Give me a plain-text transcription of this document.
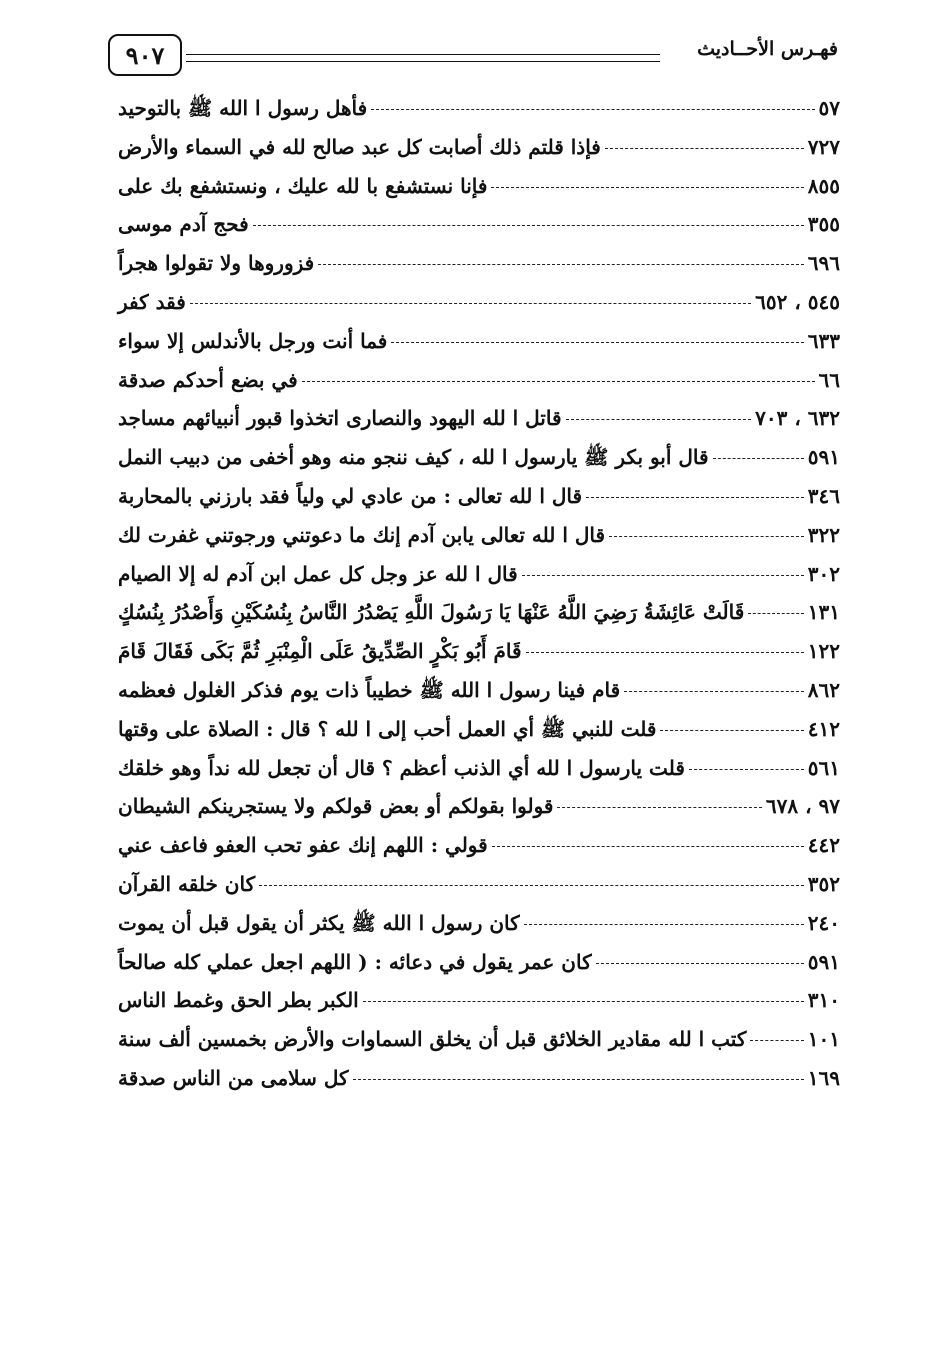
٩٠٧	فهـرس الأحــاديث
فأهل رسول ا الله ﷺ بالتوحيد	٥٧
فإذا قلتم ذلك أصابت كل عبد صالح لله في السماء والأرض	٧٢٧
فإنا نستشفع با لله عليك ، ونستشفع بك على	٨٥٥
فحج آدم موسى	٣٥٥
فزوروها ولا تقولوا هجراً	٦٩٦
فقد كفر	٥٤٥ ، ٦٥٢
فما أنت ورجل بالأندلس إلا سواء	٦٣٣
في بضع أحدكم صدقة	٦٦
قاتل ا لله اليهود والنصارى اتخذوا قبور أنبيائهم مساجد	٦٣٢ ، ٧٠٣
قال أبو بكر ﷺ يارسول ا لله ، كيف ننجو منه وهو أخفى من دبيب النمل	٥٩١
قال ا لله تعالى : من عادي لي ولياً فقد بارزني بالمحاربة	٣٤٦
قال ا لله تعالى يابن آدم إنك ما دعوتني ورجوتني غفرت لك	٣٢٢
قال ا لله عز وجل كل عمل ابن آدم له إلا الصيام	٣٠٢
قَالَتْ عَائِشَةُ رَضِيَ اللَّهُ عَنْهَا يَا رَسُولَ اللَّهِ يَصْدُرُ النَّاسُ بِنُسُكَيْنِ وَأَصْدُرُ بِنُسُكٍ	١٣١
قَامَ أَبُو بَكْرٍ الصِّدِّيقُ عَلَى الْمِنْبَرِ ثُمَّ بَكَى فَقَالَ قَامَ	١٢٢
قام فينا رسول ا الله ﷺ خطيباً ذات يوم فذكر الغلول فعظمه	٨٦٢
قلت للنبي ﷺ أي العمل أحب إلى ا لله ؟ قال : الصلاة على وقتها	٤١٢
قلت يارسول ا لله أي الذنب أعظم ؟ قال أن تجعل لله نداً وهو خلقك	٥٦١
قولوا بقولكم أو بعض قولكم ولا يستجرينكم الشيطان	٩٧ ، ٦٧٨
قولي : اللهم إنك عفو تحب العفو فاعف عني	٤٤٢
كان خلقه القرآن	٣٥٢
كان رسول ا الله ﷺ يكثر أن يقول قبل أن يموت	٢٤٠
كان عمر يقول في دعائه : ( اللهم اجعل عملي كله صالحاً	٥٩١
الكبر بطر الحق وغمط الناس	٣١٠
كتب ا لله مقادير الخلائق قبل أن يخلق السماوات والأرض بخمسين ألف سنة	١٠١
كل سلامى من الناس صدقة	١٦٩
